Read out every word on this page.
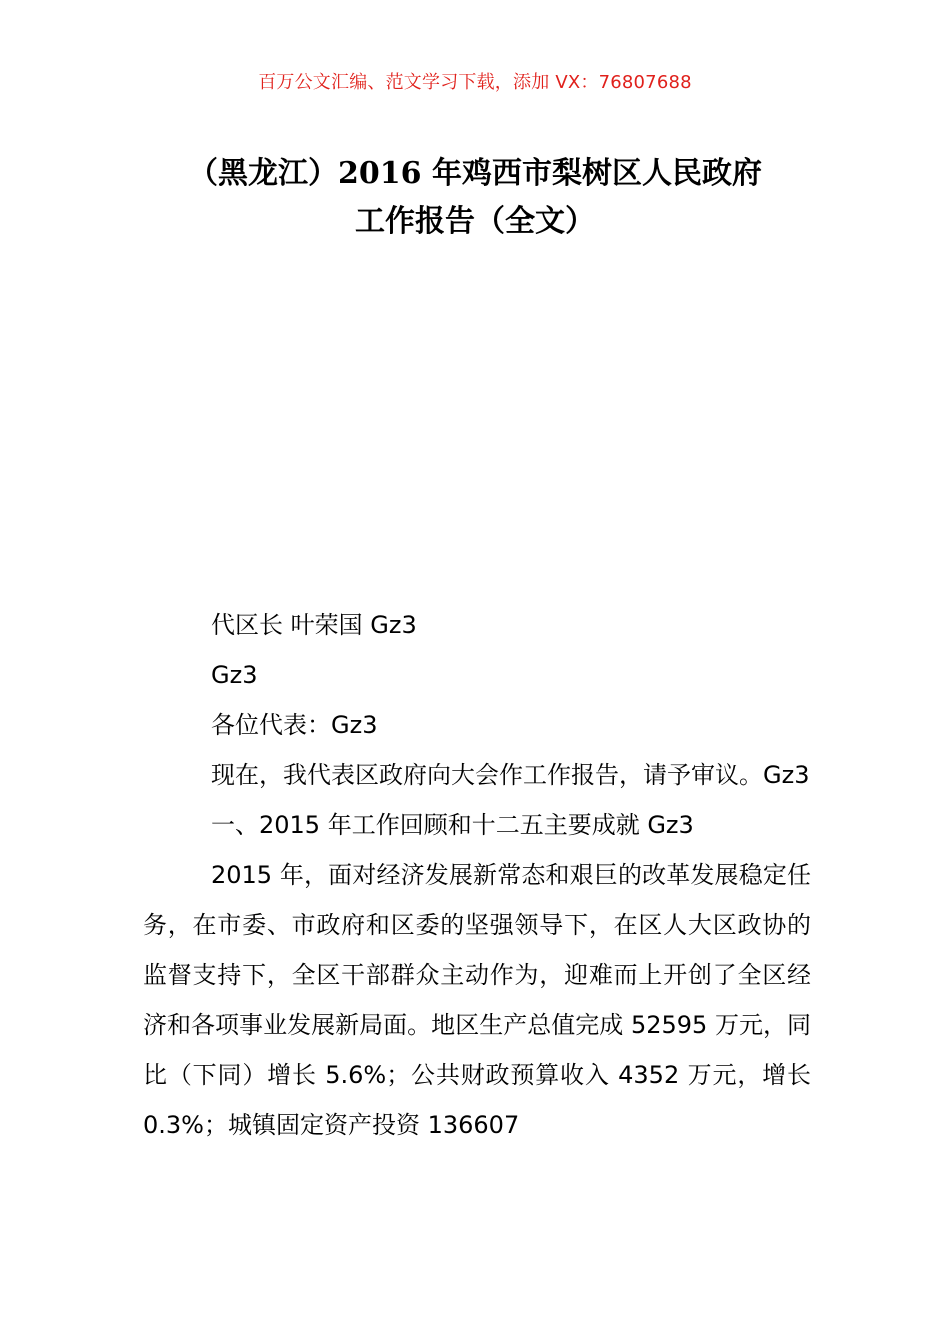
百万公文汇编、范文学习下载，添加 VX：76807688
（黑龙江）2016 年鸡西市梨树区人民政府
工作报告（全文）

代区长 叶荣国 Gz3

Gz3

各位代表：Gz3

现在，我代表区政府向大会作工作报告，请予审议。Gz3

一、2015 年工作回顾和十二五主要成就 Gz3

2015 年，面对经济发展新常态和艰巨的改革发展稳定任务，在市委、市政府和区委的坚强领导下，在区人大区政协的监督支持下，全区干部群众主动作为，迎难而上开创了全区经济和各项事业发展新局面。地区生产总值完成 52595 万元，同比（下同）增长 5.6%；公共财政预算收入 4352 万元，增长 0.3%；城镇固定资产投资 136607
